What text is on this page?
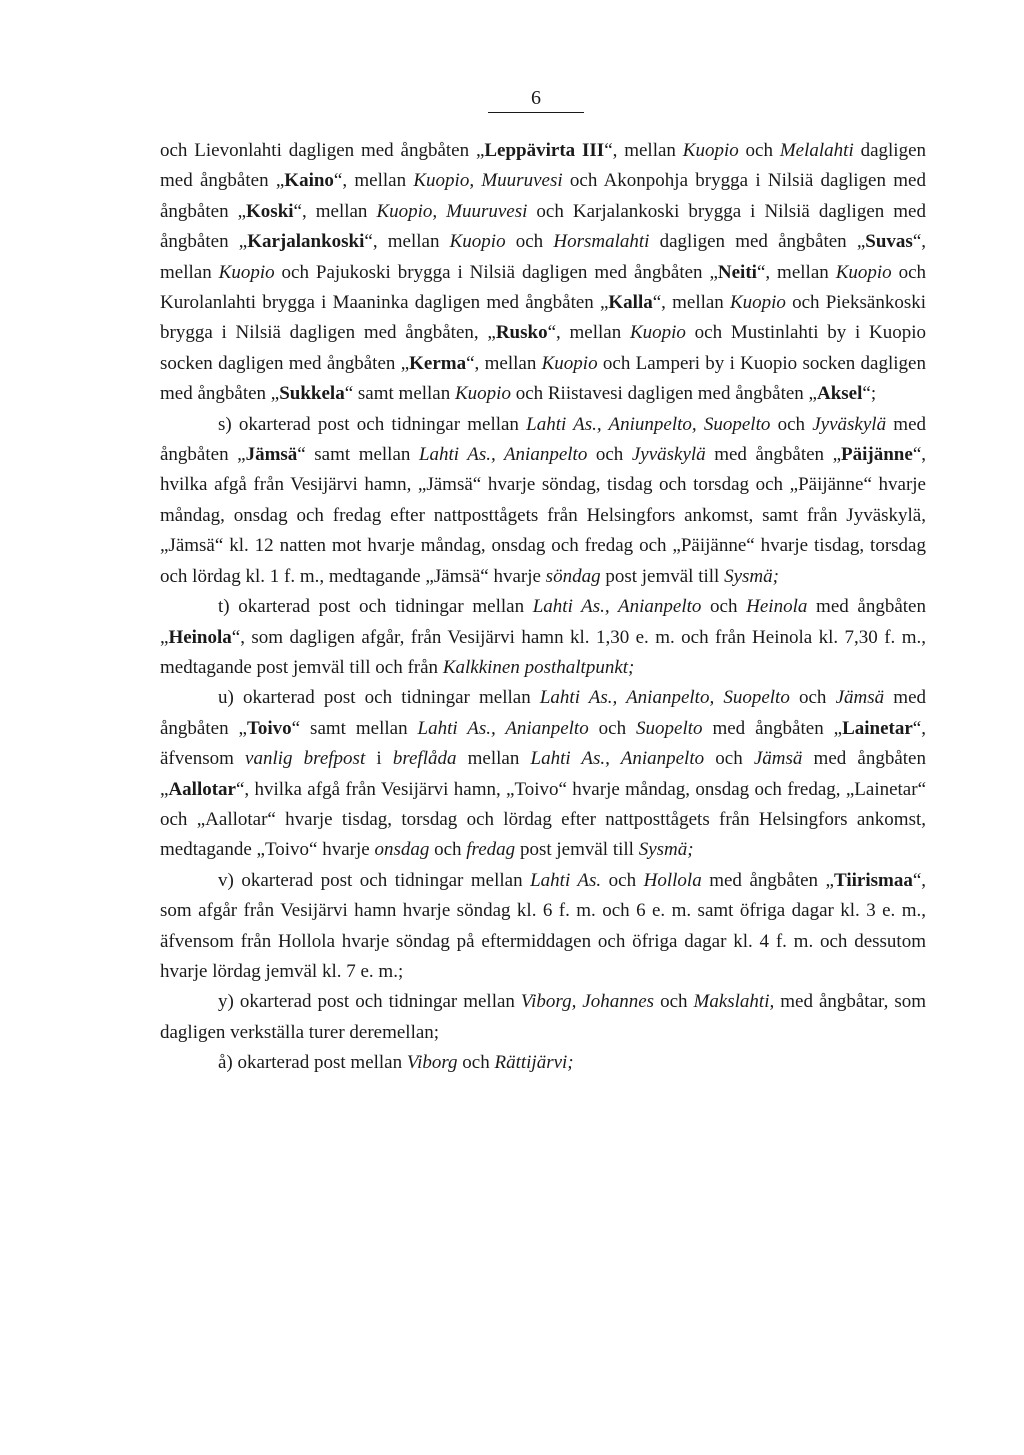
6

och Lievonlahti dagligen med ångbåten „Leppävirta III“, mellan Kuopio och Melalahti dagligen med ångbåten „Kaino“, mellan Kuopio, Muuruvesi och Akonpohja brygga i Nilsiä dagligen med ångbåten „Koski“, mellan Kuopio, Muuruvesi och Karjalankoski brygga i Nilsiä dagligen med ångbåten „Karjalankoski“, mellan Kuopio och Horsmalahti dagligen med ångbåten „Suvas“, mellan Kuopio och Pajukoski brygga i Nilsiä dagligen med ångbåten „Neiti“, mellan Kuopio och Kurolanlahti brygga i Maaninka dagligen med ångbåten „Kalla“, mellan Kuopio och Pieksänkoski brygga i Nilsiä dagligen med ångbåten, „Rusko“, mellan Kuopio och Mustinlahti by i Kuopio socken dagligen med ångbåten „Kerma“, mellan Kuopio och Lamperi by i Kuopio socken dagligen med ångbåten „Sukkela“ samt mellan Kuopio och Riistavesi dagligen med ångbåten „Aksel“;

s) okarterad post och tidningar mellan Lahti As., Aniunpelto, Suopelto och Jyväskylä med ångbåten „Jämsä“ samt mellan Lahti As., Anianpelto och Jyväskylä med ångbåten „Päijänne“, hvilka afgå från Vesijärvi hamn, „Jämsä“ hvarje söndag, tisdag och torsdag och „Päijänne“ hvarje måndag, onsdag och fredag efter nattposttågets från Helsingfors ankomst, samt från Jyväskylä, „Jämsä“ kl. 12 natten mot hvarje måndag, onsdag och fredag och „Päijänne“ hvarje tisdag, torsdag och lördag kl. 1 f. m., medtagande „Jämsä“ hvarje söndag post jemväl till Sysmä;

t) okarterad post och tidningar mellan Lahti As., Anianpelto och Heinola med ångbåten „Heinola“, som dagligen afgår, från Vesijärvi hamn kl. 1,30 e. m. och från Heinola kl. 7,30 f. m., medtagande post jemväl till och från Kalkkinen posthaltpunkt;

u) okarterad post och tidningar mellan Lahti As., Anianpelto, Suopelto och Jämsä med ångbåten „Toivo“ samt mellan Lahti As., Anianpelto och Suopelto med ångbåten „Lainetar“, äfvensom vanlig brefpost i breflåda mellan Lahti As., Anianpelto och Jämsä med ångbåten „Aallotar“, hvilka afgå från Vesijärvi hamn, „Toivo“ hvarje måndag, onsdag och fredag, „Lainetar“ och „Aallotar“ hvarje tisdag, torsdag och lördag efter nattposttågets från Helsingfors ankomst, medtagande „Toivo“ hvarje onsdag och fredag post jemväl till Sysmä;

v) okarterad post och tidningar mellan Lahti As. och Hollola med ångbåten „Tiirismaa“, som afgår från Vesijärvi hamn hvarje söndag kl. 6 f. m. och 6 e. m. samt öfriga dagar kl. 3 e. m., äfvensom från Hollola hvarje söndag på eftermiddagen och öfriga dagar kl. 4 f. m. och dessutom hvarje lördag jemväl kl. 7 e. m.;

y) okarterad post och tidningar mellan Viborg, Johannes och Makslahti, med ångbåtar, som dagligen verkställa turer deremellan;

å) okarterad post mellan Viborg och Rättijärvi;
